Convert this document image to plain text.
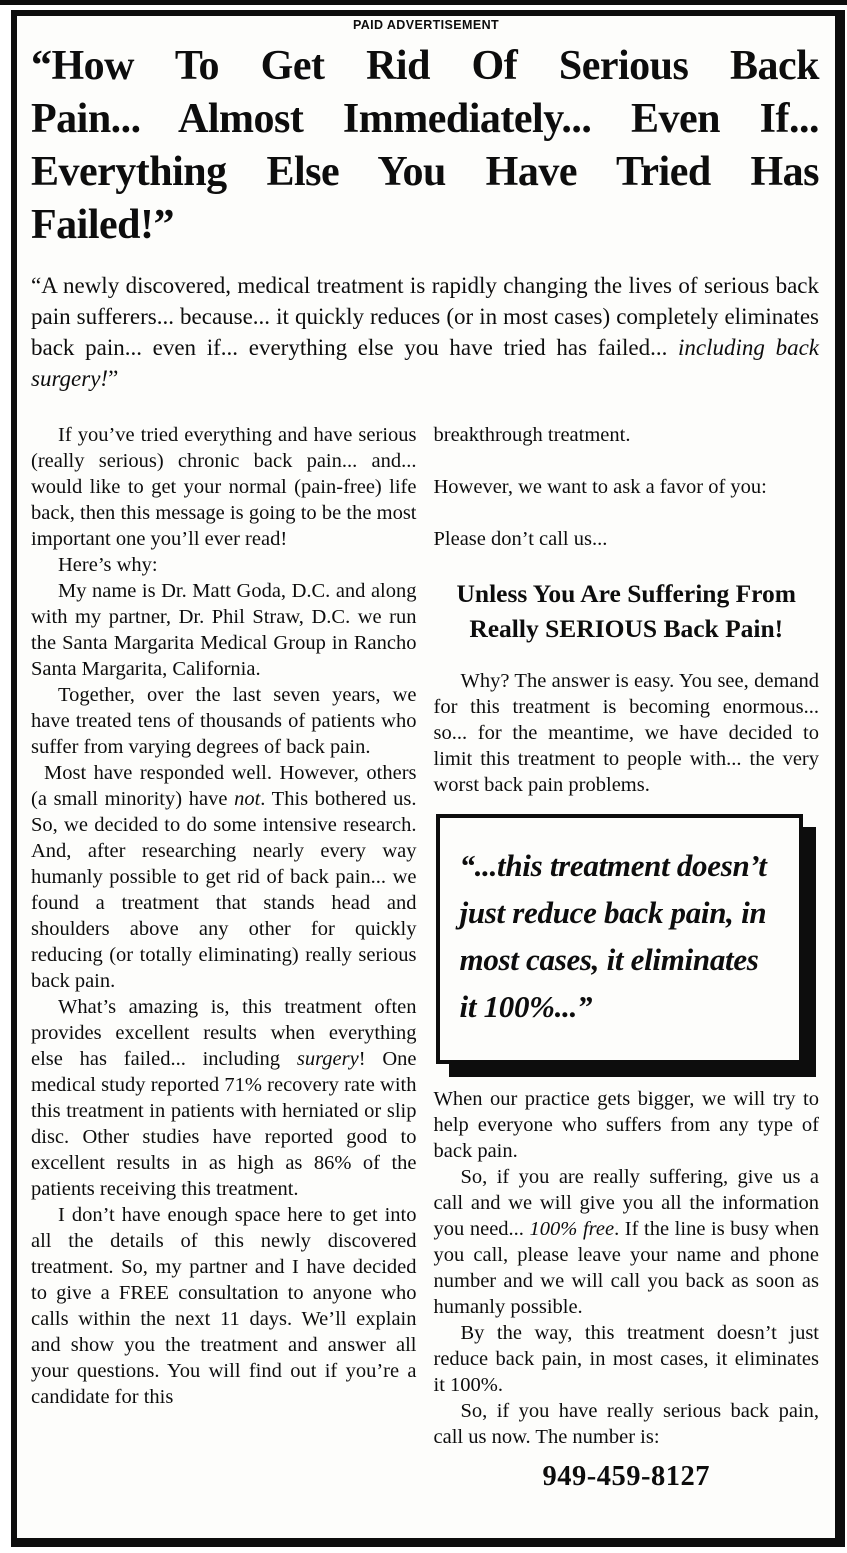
PAID ADVERTISEMENT
“How To Get Rid Of Serious Back
Pain... Almost Immediately... Even If...
Everything Else You Have Tried Has
Failed!”
“A newly discovered, medical treatment is rapidly changing the lives of serious back pain sufferers... because... it quickly reduces (or in most cases) completely eliminates back pain... even if... everything else you have tried has failed... including back surgery!”

If you’ve tried everything and have serious (really serious) chronic back pain... and... would like to get your normal (pain-free) life back, then this message is going to be the most important one you’ll ever read!

Here’s why:

My name is Dr. Matt Goda, D.C. and along with my partner, Dr. Phil Straw, D.C. we run the Santa Margarita Medical Group in Rancho Santa Margarita, California.

Together, over the last seven years, we have treated tens of thousands of patients who suffer from varying degrees of back pain.

Most have responded well. However, others (a small minority) have not. This bothered us. So, we decided to do some intensive research. And, after researching nearly every way humanly possible to get rid of back pain... we found a treatment that stands head and shoulders above any other for quickly reducing (or totally eliminating) really serious back pain.

What’s amazing is, this treatment often provides excellent results when everything else has failed... including surgery! One medical study reported 71% recovery rate with this treatment in patients with herniated or slip disc. Other studies have reported good to excellent results in as high as 86% of the patients receiving this treatment.

I don’t have enough space here to get into all the details of this newly discovered treatment. So, my partner and I have decided to give a FREE consultation to anyone who calls within the next 11 days. We’ll explain and show you the treatment and answer all your questions. You will find out if you’re a candidate for this

breakthrough treatment.

However, we want to ask a favor of you:

Please don’t call us...

Unless You Are Suffering From Really SERIOUS Back Pain!

Why? The answer is easy. You see, demand for this treatment is becoming enormous... so... for the meantime, we have decided to limit this treatment to people with... the very worst back pain problems.

“...this treatment doesn’t just reduce back pain, in most cases, it eliminates it 100%...”

When our practice gets bigger, we will try to help everyone who suffers from any type of back pain.

So, if you are really suffering, give us a call and we will give you all the information you need... 100% free. If the line is busy when you call, please leave your name and phone number and we will call you back as soon as humanly possible.

By the way, this treatment doesn’t just reduce back pain, in most cases, it eliminates it 100%.

So, if you have really serious back pain, call us now. The number is:

949-459-8127
